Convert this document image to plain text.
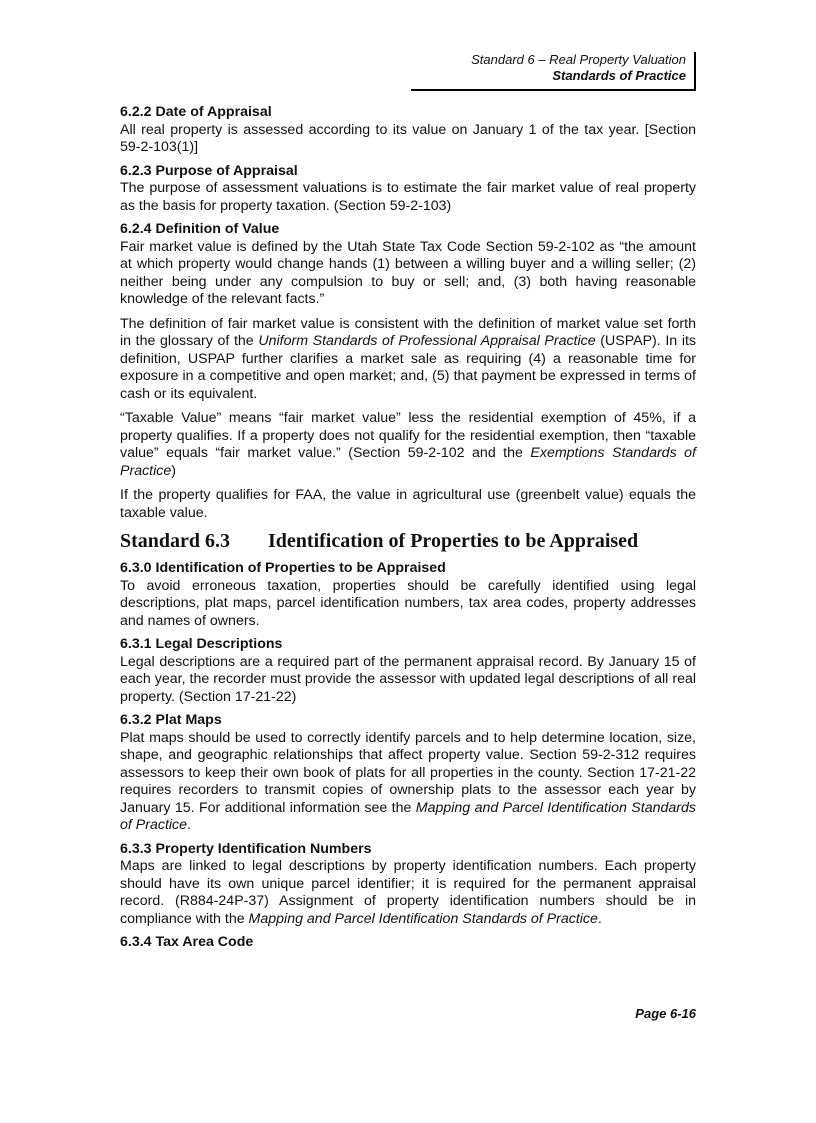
Standard 6 – Real Property Valuation
Standards of Practice
6.2.2 Date of Appraisal

All real property is assessed according to its value on January 1 of the tax year. [Section 59-2-103(1)]

6.2.3 Purpose of Appraisal

The purpose of assessment valuations is to estimate the fair market value of real property as the basis for property taxation. (Section 59-2-103)

6.2.4 Definition of Value

Fair market value is defined by the Utah State Tax Code Section 59-2-102 as “the amount at which property would change hands (1) between a willing buyer and a willing seller; (2) neither being under any compulsion to buy or sell; and, (3) both having reasonable knowledge of the relevant facts.”

The definition of fair market value is consistent with the definition of market value set forth in the glossary of the Uniform Standards of Professional Appraisal Practice (USPAP). In its definition, USPAP further clarifies a market sale as requiring (4) a reasonable time for exposure in a competitive and open market; and, (5) that payment be expressed in terms of cash or its equivalent.

“Taxable Value” means “fair market value” less the residential exemption of 45%, if a property qualifies. If a property does not qualify for the residential exemption, then “taxable value” equals “fair market value.” (Section 59-2-102 and the Exemptions Standards of Practice)

If the property qualifies for FAA, the value in agricultural use (greenbelt value) equals the taxable value.

Standard 6.3	Identification of Properties to be Appraised
6.3.0 Identification of Properties to be Appraised

To avoid erroneous taxation, properties should be carefully identified using legal descriptions, plat maps, parcel identification numbers, tax area codes, property addresses and names of owners.

6.3.1 Legal Descriptions

Legal descriptions are a required part of the permanent appraisal record. By January 15 of each year, the recorder must provide the assessor with updated legal descriptions of all real property. (Section 17-21-22)

6.3.2 Plat Maps

Plat maps should be used to correctly identify parcels and to help determine location, size, shape, and geographic relationships that affect property value. Section 59-2-312 requires assessors to keep their own book of plats for all properties in the county. Section 17-21-22 requires recorders to transmit copies of ownership plats to the assessor each year by January 15. For additional information see the Mapping and Parcel Identification Standards of Practice.

6.3.3 Property Identification Numbers

Maps are linked to legal descriptions by property identification numbers. Each property should have its own unique parcel identifier; it is required for the permanent appraisal record. (R884-24P-37) Assignment of property identification numbers should be in compliance with the Mapping and Parcel Identification Standards of Practice.

6.3.4 Tax Area Code
Page 6-16
